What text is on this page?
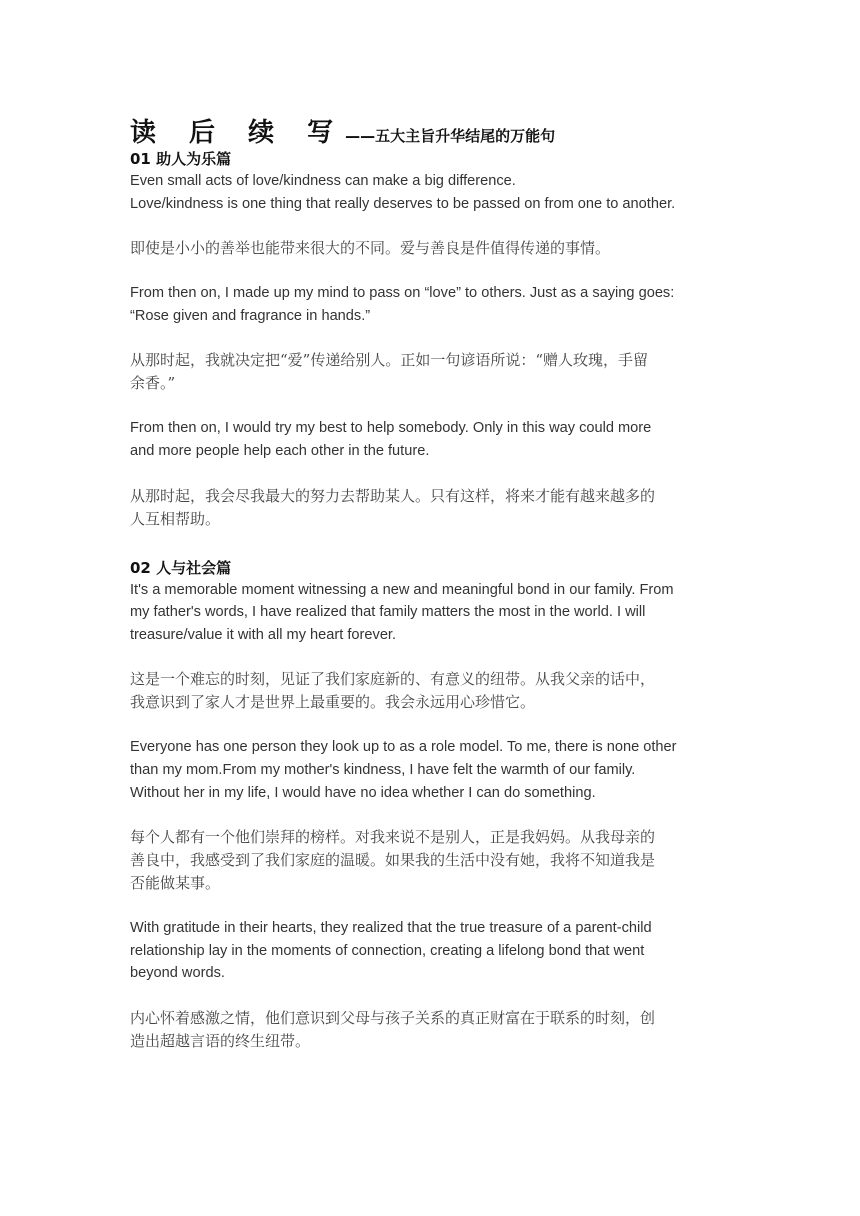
读 后 续 写——五大主旨升华结尾的万能句
01 助人为乐篇

Even small acts of love/kindness can make a big difference.
Love/kindness is one thing that really deserves to be passed on from one to another.

即使是小小的善举也能带来很大的不同。爱与善良是件值得传递的事情。

From then on, I made up my mind to pass on “love” to others. Just as a saying goes:
“Rose given and fragrance in hands.”

从那时起，我就决定把“爱”传递给别人。正如一句谚语所说：“赠人玫瑰，手留
余香。”

From then on, I would try my best to help somebody. Only in this way could more
and more people help each other in the future.

从那时起，我会尽我最大的努力去帮助某人。只有这样，将来才能有越来越多的
人互相帮助。

02 人与社会篇

It's a memorable moment witnessing a new and meaningful bond in our family. From
my father's words, I have realized that family matters the most in the world. I will
treasure/value it with all my heart forever.

这是一个难忘的时刻，见证了我们家庭新的、有意义的纽带。从我父亲的话中，
我意识到了家人才是世界上最重要的。我会永远用心珍惜它。

Everyone has one person they look up to as a role model. To me, there is none other
than my mom.From my mother's kindness, I have felt the warmth of our family.
Without her in my life, I would have no idea whether I can do something.

每个人都有一个他们崇拜的榜样。对我来说不是别人，正是我妈妈。从我母亲的
善良中，我感受到了我们家庭的温暖。如果我的生活中没有她，我将不知道我是
否能做某事。

With gratitude in their hearts, they realized that the true treasure of a parent-child
relationship lay in the moments of connection, creating a lifelong bond that went
beyond words.

内心怀着感激之情，他们意识到父母与孩子关系的真正财富在于联系的时刻，创
造出超越言语的终生纽带。
